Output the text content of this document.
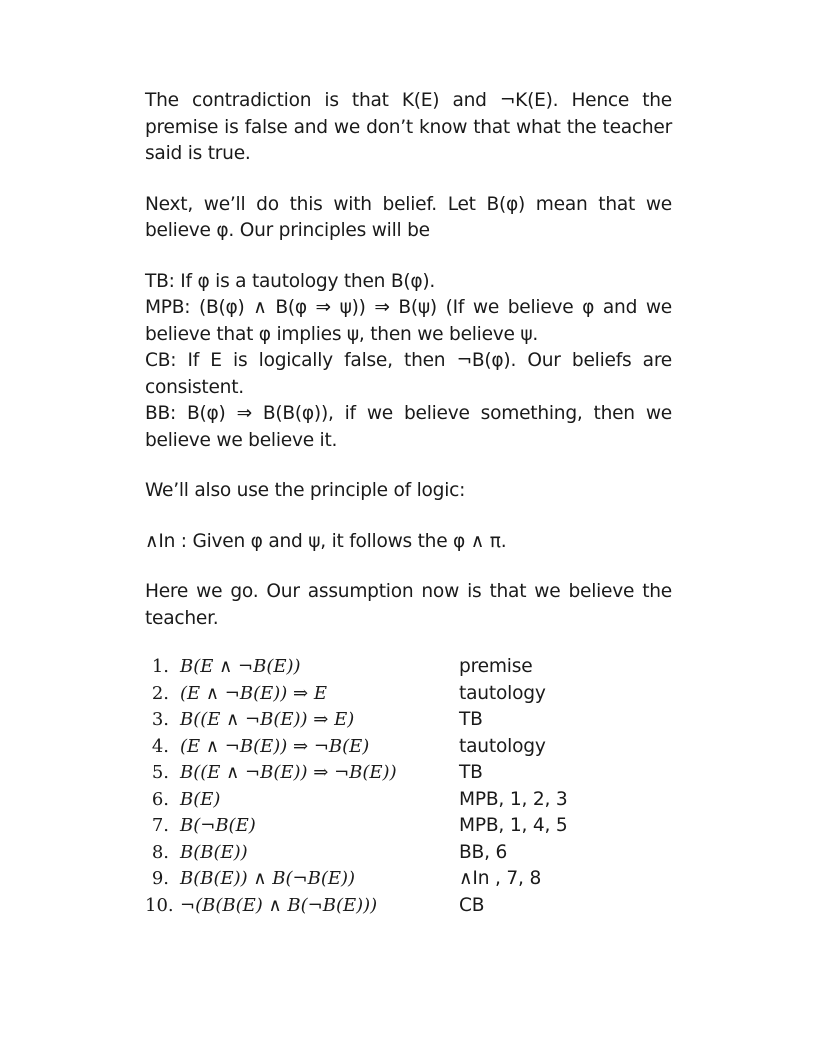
The contradiction is that K(E) and ¬K(E). Hence the premise is false and we don’t know that what the teacher said is true.

Next, we’ll do this with belief. Let B(φ) mean that we believe φ. Our principles will be

TB: If φ is a tautology then B(φ).

MPB: (B(φ) ∧ B(φ ⇒ ψ)) ⇒ B(ψ) (If we believe φ and we believe that φ implies ψ, then we believe ψ.

CB: If E is logically false, then ¬B(φ). Our beliefs are consistent.

BB: B(φ) ⇒ B(B(φ)), if we believe something, then we believe we believe it.

We’ll also use the principle of logic:

∧In : Given φ and ψ, it follows the φ ∧ π.

Here we go. Our assumption now is that we believe the teacher.

1. B(E ∧ ¬B(E))	premise
2. (E ∧ ¬B(E)) ⇒ E	tautology
3. B((E ∧ ¬B(E)) ⇒ E)	TB
4. (E ∧ ¬B(E)) ⇒ ¬B(E)	tautology
5. B((E ∧ ¬B(E)) ⇒ ¬B(E))	TB
6. B(E)	MPB, 1, 2, 3
7. B(¬B(E)	MPB, 1, 4, 5
8. B(B(E))	BB, 6
9. B(B(E)) ∧ B(¬B(E))	∧In , 7, 8
10. ¬(B(B(E) ∧ B(¬B(E)))	CB
